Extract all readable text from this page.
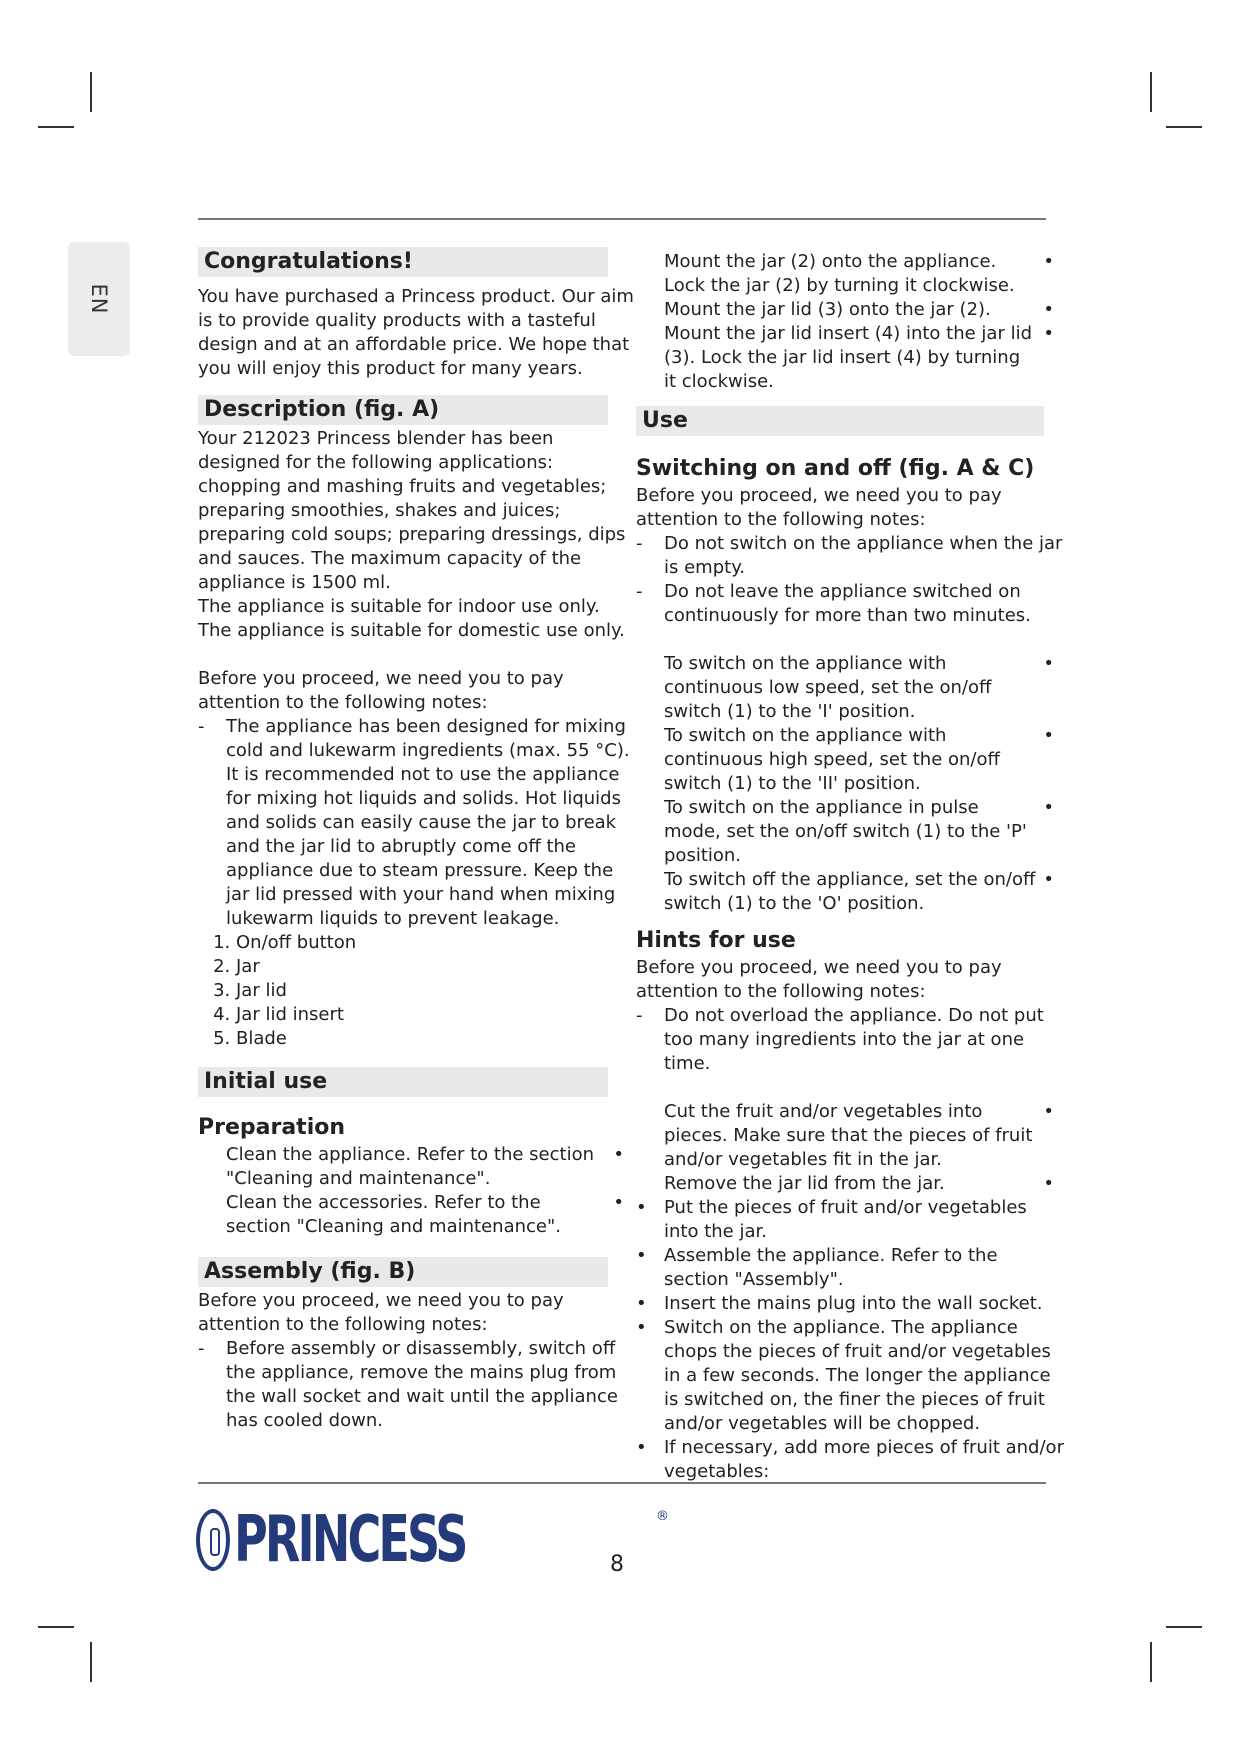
EN
Congratulations!

You have purchased a Princess product. Our aim is to provide quality products with a tasteful design and at an affordable price. We hope that you will enjoy this product for many years.

Description (fig. A)

Your 212023 Princess blender has been designed for the following applications: chopping and mashing fruits and vegetables; preparing smoothies, shakes and juices; preparing cold soups; preparing dressings, dips and sauces. The maximum capacity of the appliance is 1500 ml.

The appliance is suitable for indoor use only.

The appliance is suitable for domestic use only.

Before you proceed, we need you to pay attention to the following notes:

- The appliance has been designed for mixing cold and lukewarm ingredients (max. 55 °C). It is recommended not to use the appliance for mixing hot liquids and solids. Hot liquids and solids can easily cause the jar to break and the jar lid to abruptly come off the appliance due to steam pressure. Keep the jar lid pressed with your hand when mixing lukewarm liquids to prevent leakage.

1. On/off button
2. Jar
3. Jar lid
4. Jar lid insert
5. Blade
Initial use
Preparation

Clean the appliance. Refer to the section "Cleaning and maintenance".
•

Clean the accessories. Refer to the section "Cleaning and maintenance".
•

Assembly (fig. B)

Before you proceed, we need you to pay attention to the following notes:

- Before assembly or disassembly, switch off the appliance, remove the mains plug from the wall socket and wait until the appliance has cooled down.

Mount the jar (2) onto the appliance. Lock the jar (2) by turning it clockwise.
•

Mount the jar lid (3) onto the jar (2).	•

Mount the jar lid insert (4) into the jar lid (3). Lock the jar lid insert (4) by turning it clockwise.
•

Use
Switching on and off (fig. A & C)

Before you proceed, we need you to pay attention to the following notes:

- Do not switch on the appliance when the jar is empty.

- Do not leave the appliance switched on continuously for more than two minutes.

To switch on the appliance with continuous low speed, set the on/off switch (1) to the 'I' position.
•

To switch on the appliance with continuous high speed, set the on/off switch (1) to the 'II' position.
•

To switch on the appliance in pulse mode, set the on/off switch (1) to the 'P' position.
•

To switch off the appliance, set the on/off switch (1) to the 'O' position.
•

Hints for use

Before you proceed, we need you to pay attention to the following notes:

- Do not overload the appliance. Do not put too many ingredients into the jar at one time.

Cut the fruit and/or vegetables into pieces. Make sure that the pieces of fruit and/or vegetables fit in the jar.
•

Remove the jar lid from the jar.	•

• Put the pieces of fruit and/or vegetables into the jar.

• Assemble the appliance. Refer to the section "Assembly".

• Insert the mains plug into the wall socket.

• Switch on the appliance. The appliance chops the pieces of fruit and/or vegetables in a few seconds. The longer the appliance is switched on, the finer the pieces of fruit and/or vegetables will be chopped.

• If necessary, add more pieces of fruit and/or vegetables:

PRINCESS	®
8
